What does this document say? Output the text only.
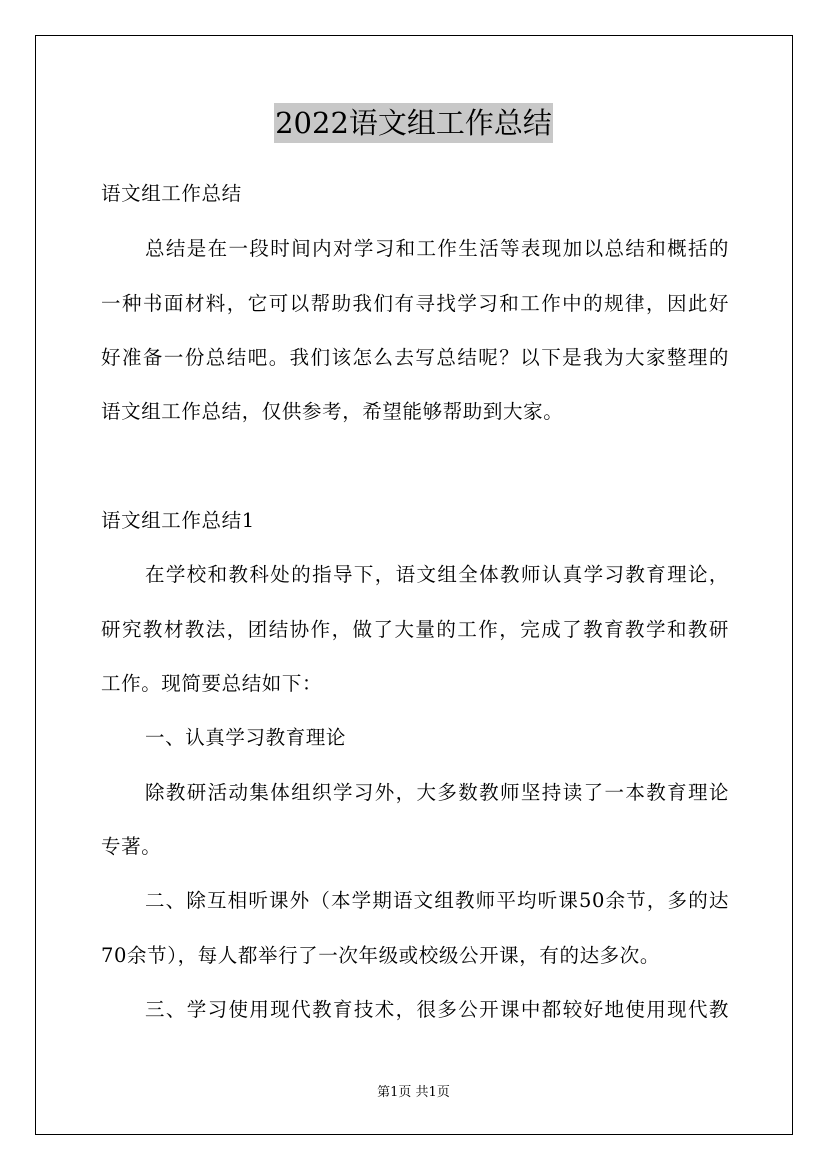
2022语文组工作总结
语文组工作总结
总结是在一段时间内对学习和工作生活等表现加以总结和概括的
一种书面材料，它可以帮助我们有寻找学习和工作中的规律，因此好
好准备一份总结吧。我们该怎么去写总结呢？以下是我为大家整理的
语文组工作总结，仅供参考，希望能够帮助到大家。
语文组工作总结1
在学校和教科处的指导下，语文组全体教师认真学习教育理论，
研究教材教法，团结协作，做了大量的工作，完成了教育教学和教研
工作。现简要总结如下：
一、认真学习教育理论
除教研活动集体组织学习外，大多数教师坚持读了一本教育理论
专著。
二、除互相听课外（本学期语文组教师平均听课50余节，多的达
70余节），每人都举行了一次年级或校级公开课，有的达多次。
三、学习使用现代教育技术，很多公开课中都较好地使用现代教
第1页 共1页
